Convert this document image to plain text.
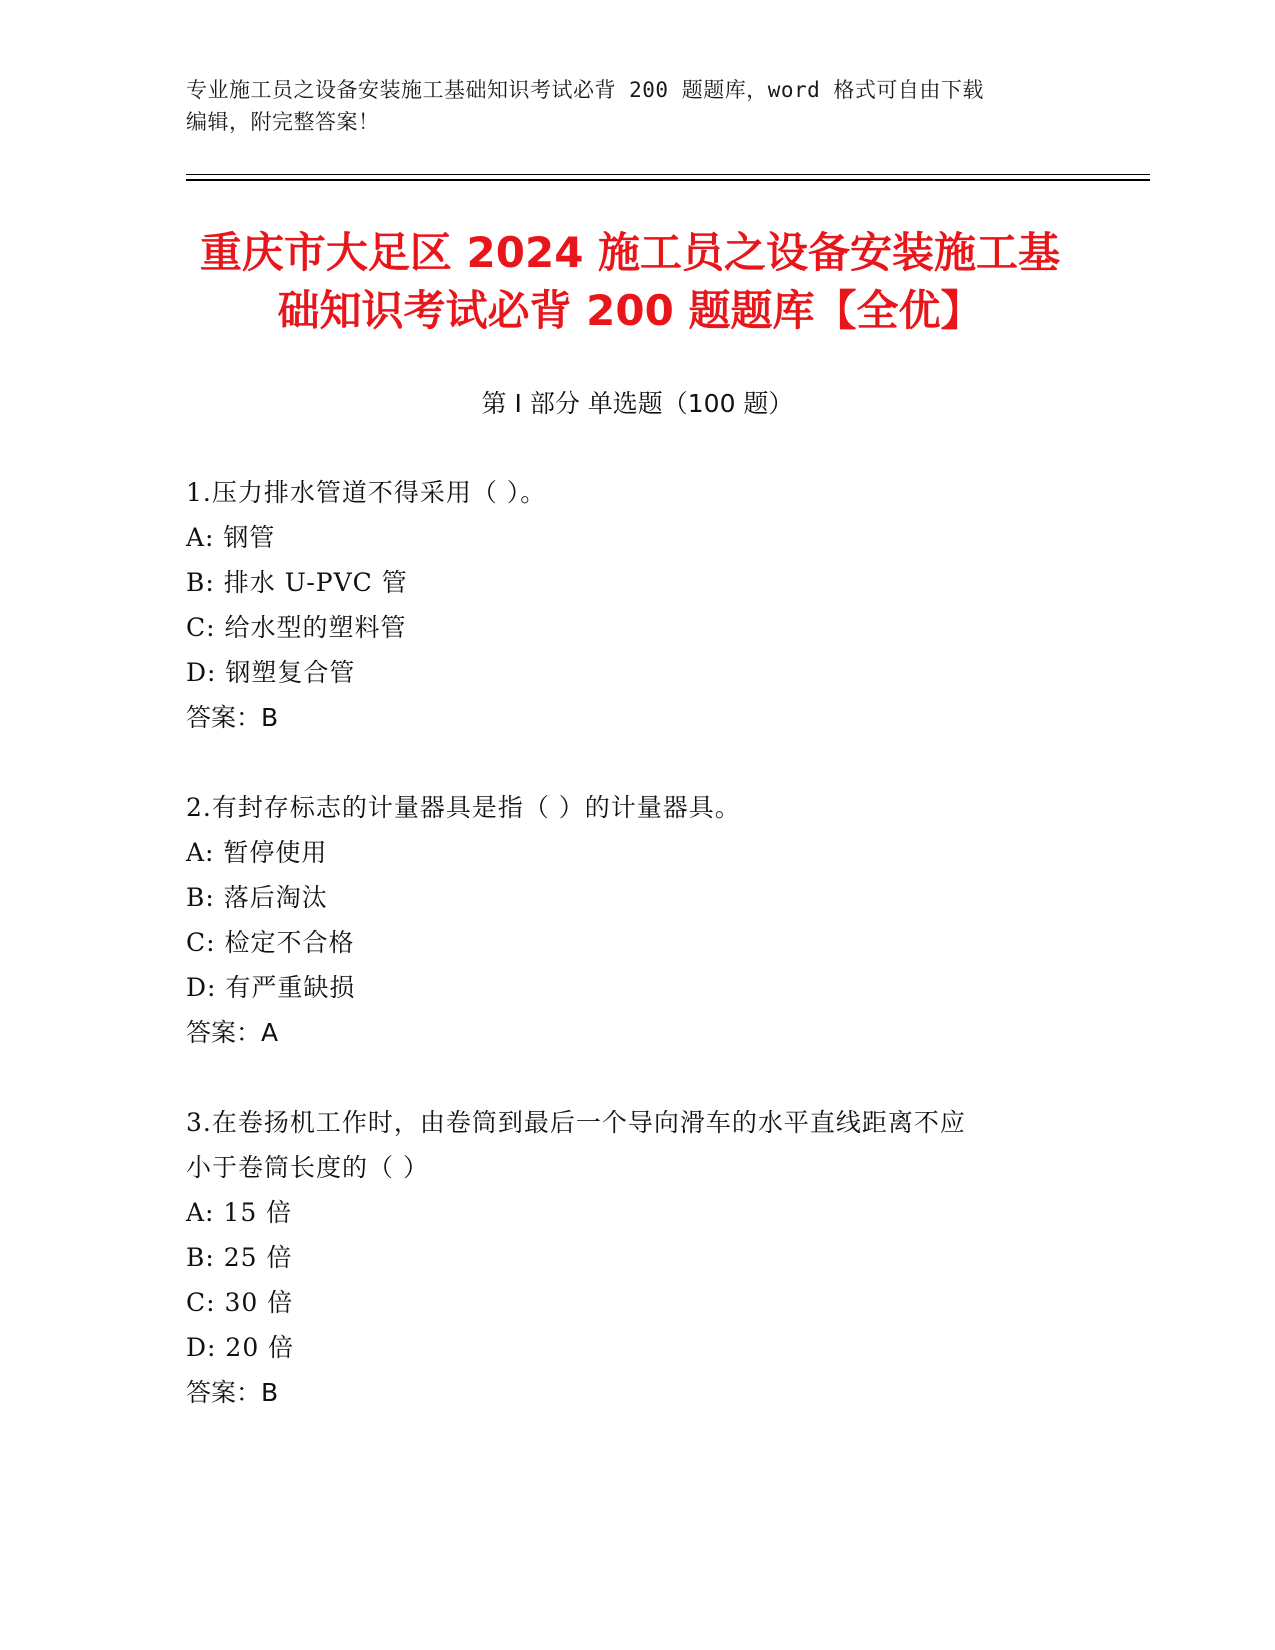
专业施工员之设备安装施工基础知识考试必背 200 题题库，word 格式可自由下载
编辑，附完整答案！
重庆市大足区 2024 施工员之设备安装施工基
础知识考试必背 200 题题库【全优】
第 I 部分 单选题（100 题）
1.压力排水管道不得采用（ ）。
A: 钢管
B: 排水 U-PVC 管
C: 给水型的塑料管
D: 钢塑复合管
答案：B
2.有封存标志的计量器具是指（ ）的计量器具。
A: 暂停使用
B: 落后淘汰
C: 检定不合格
D: 有严重缺损
答案：A
3.在卷扬机工作时，由卷筒到最后一个导向滑车的水平直线距离不应
小于卷筒长度的（ ）
A: 15 倍
B: 25 倍
C: 30 倍
D: 20 倍
答案：B
